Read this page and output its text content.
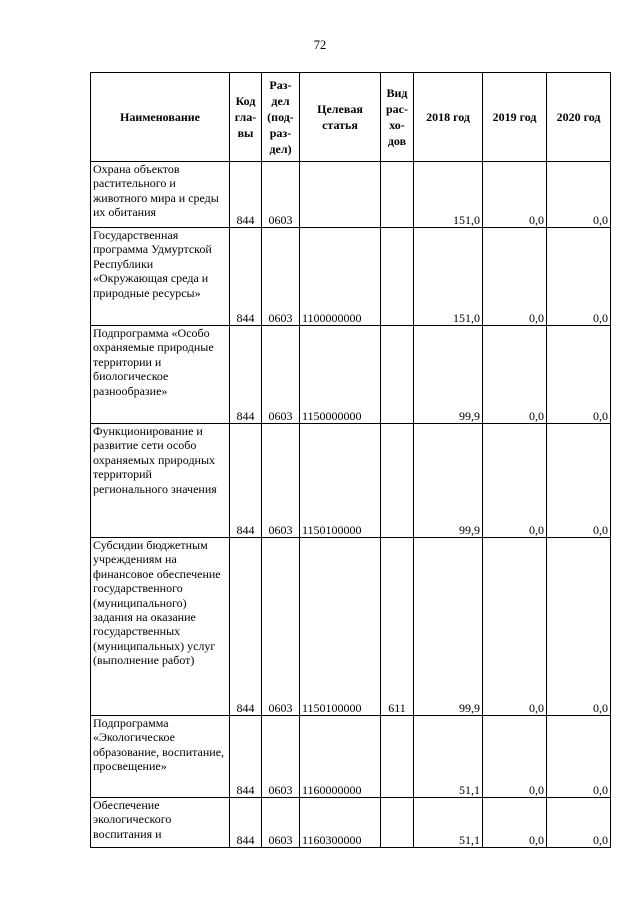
72
Наименование	Код гла-вы	Раз-дел (под-раз-дел)	Целевая статья	Вид рас-хо-дов	2018 год	2019 год	2020 год
Охрана объектов растительного и животного мира и среды их обитания	844	0603			151,0	0,0	0,0
Государственная программа Удмуртской Республики «Окружающая среда и природные ресурсы»	844	0603	1100000000		151,0	0,0	0,0
Подпрограмма «Особо охраняемые природные территории и биологическое разнообразие»	844	0603	1150000000		99,9	0,0	0,0
Функционирование и развитие сети особо охраняемых природных территорий регионального значения	844	0603	1150100000		99,9	0,0	0,0
Субсидии бюджетным учреждениям на финансовое обеспечение государственного (муниципального) задания на оказание государственных (муниципальных) услуг (выполнение работ)	844	0603	1150100000	611	99,9	0,0	0,0
Подпрограмма «Экологическое образование, воспитание, просвещение»	844	0603	1160000000		51,1	0,0	0,0
Обеспечение экологического воспитания и	844	0603	1160300000		51,1	0,0	0,0
